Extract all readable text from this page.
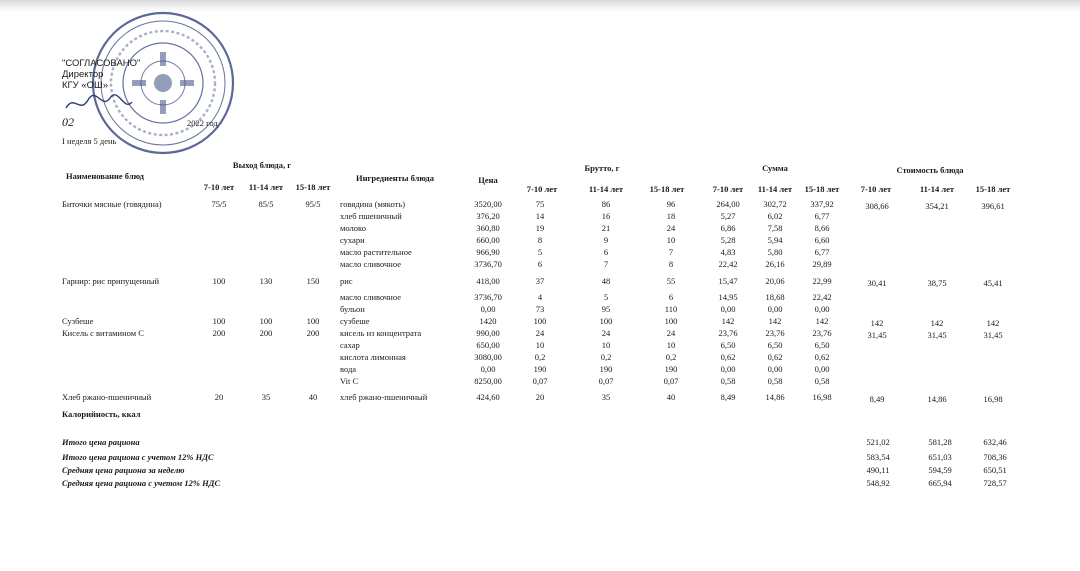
"СОГЛАСОВАНО"
Директор
КГУ «ОШ»
02	2022 год
I неделя 5 день
Наименование блюд
Выход блюда, г
7-10 лет 11-14 лет 15-18 лет
Ингредиенты блюда	Цена
Брутто, г
7-10 лет	11-14 лет	15-18 лет
Сумма
7-10 лет 11-14 лет 15-18 лет
Стоимость блюда
7-10 лет	11-14 лет	15-18 лет
Биточки мясные (говядина)	75/5	85/5	95/5 говядина (мякоть)	3520,00	75	86	96	264,00	302,72	337,92	308,66	354,21	396,61
хлеб пшеничный	376,20	14	16	18	5,27	6,02	6,77
молоко	360,80	19	21	24	6,86	7,58	8,66
сухари	660,00	8	9	10	5,28	5,94	6,60
масло растительное	966,90	5	6	7	4,83	5,80	6,77
масло сливочное	3736,70	6	7	8	22,42	26,16	29,89
Гарнир: рис припущенный	100	130	150 рис	418,00	37	48	55	15,47	20,06	22,99	30,41	38,75	45,41
масло сливочное	3736,70	4	5	6	14,95	18,68	22,42
бульон	0,00	73	95	110	0,00	0,00	0,00
Сузбеше	100	100	100 сузбеше	1420	100	100	100	142	142	142	142	142	142
Кисель с витамином С	200	200	200 кисель из концентрата	990,00	24	24	24	23,76	23,76	23,76	31,45	31,45	31,45
сахар	650,00	10	10	10	6,50	6,50	6,50
кислота лимонная	3080,00	0,2	0,2	0,2	0,62	0,62	0,62
вода	0,00	190	190	190	0,00	0,00	0,00
Vit C	8250,00	0,07	0,07	0,07	0,58	0,58	0,58
Хлеб ржано-пшеничный	20	35	40	хлеб ржано-пшеничный	424,60	20	35	40	8,49	14,86	16,98	8,49	14,86	16,98
Калорийность, ккал
Итого цена рациона	521,02	581,28	632,46
Итого цена рациона с учетом 12% НДС	583,54	651,03	708,36
Средняя цена рациона за неделю	490,11	594,59	650,51
Средняя цена рациона с учетом 12% НДС	548,92	665,94	728,57
